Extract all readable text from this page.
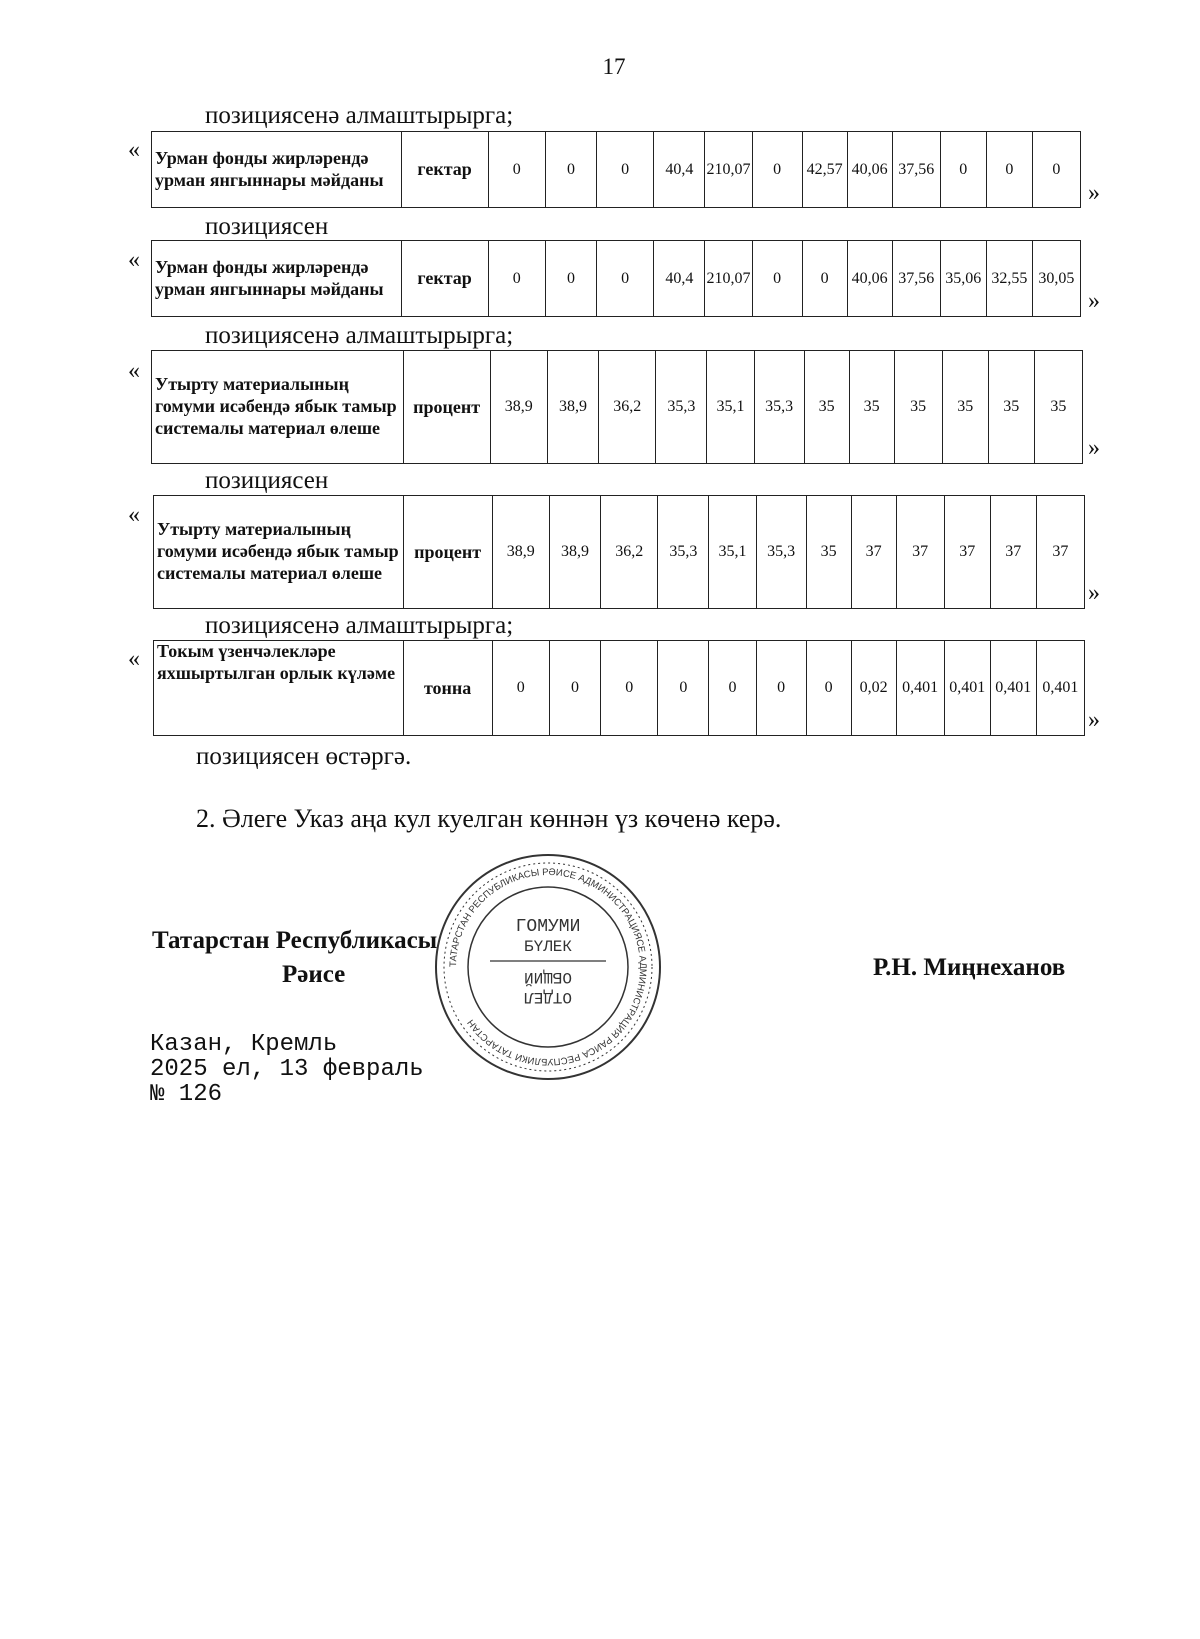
17
позициясенә алмаштырырга;
« Урман фонды жирләрендә урман янгыннары мәйданы	гектар	0	0	0	40,4	210,07	0	42,57	40,06	37,56	0	0	0
»
позициясен
« Урман фонды жирләрендә урман янгыннары мәйданы	гектар	0	0	0	40,4	210,07	0	0	40,06	37,56	35,06	32,55	30,05
»
позициясенә алмаштырырга;
«
Утырту материалының гомуми исәбендә ябык тамыр системалы материал өлеше	процент	38,9	38,9	36,2	35,3	35,1	35,3	35	35	35	35	35	35
»
позициясен
«
Утырту материалының гомуми исәбендә ябык тамыр системалы материал өлеше	процент	38,9	38,9	36,2	35,3	35,1	35,3	35	37	37	37	37	37
»
позициясенә алмаштырырга;
« Токым үзенчәлекләре яхшыртылган орлык күләме	тонна	0	0	0	0	0	0	0	0,02	0,401	0,401	0,401	0,401
»
позициясен өстәргә.
2. Әлеге Указ аңа кул куелган көннән үз көченә керә.
Татарстан Республикасы
Рәисе	Р.Н. Миңнеханов
ТАТАРСТАН РЕСПУБЛИКАСЫ РӘИСЕ АДМИНИСТРАЦИЯСЕ АДМИНИСТРАЦИЯ РАИСА РЕСПУБЛИКИ ТАТАРСТАН
ГОМУМИ
БҮЛЕК
ОТДЕЛ
ОБЩИЙ
Казан, Кремль
2025 ел, 13 февраль
№ 126
